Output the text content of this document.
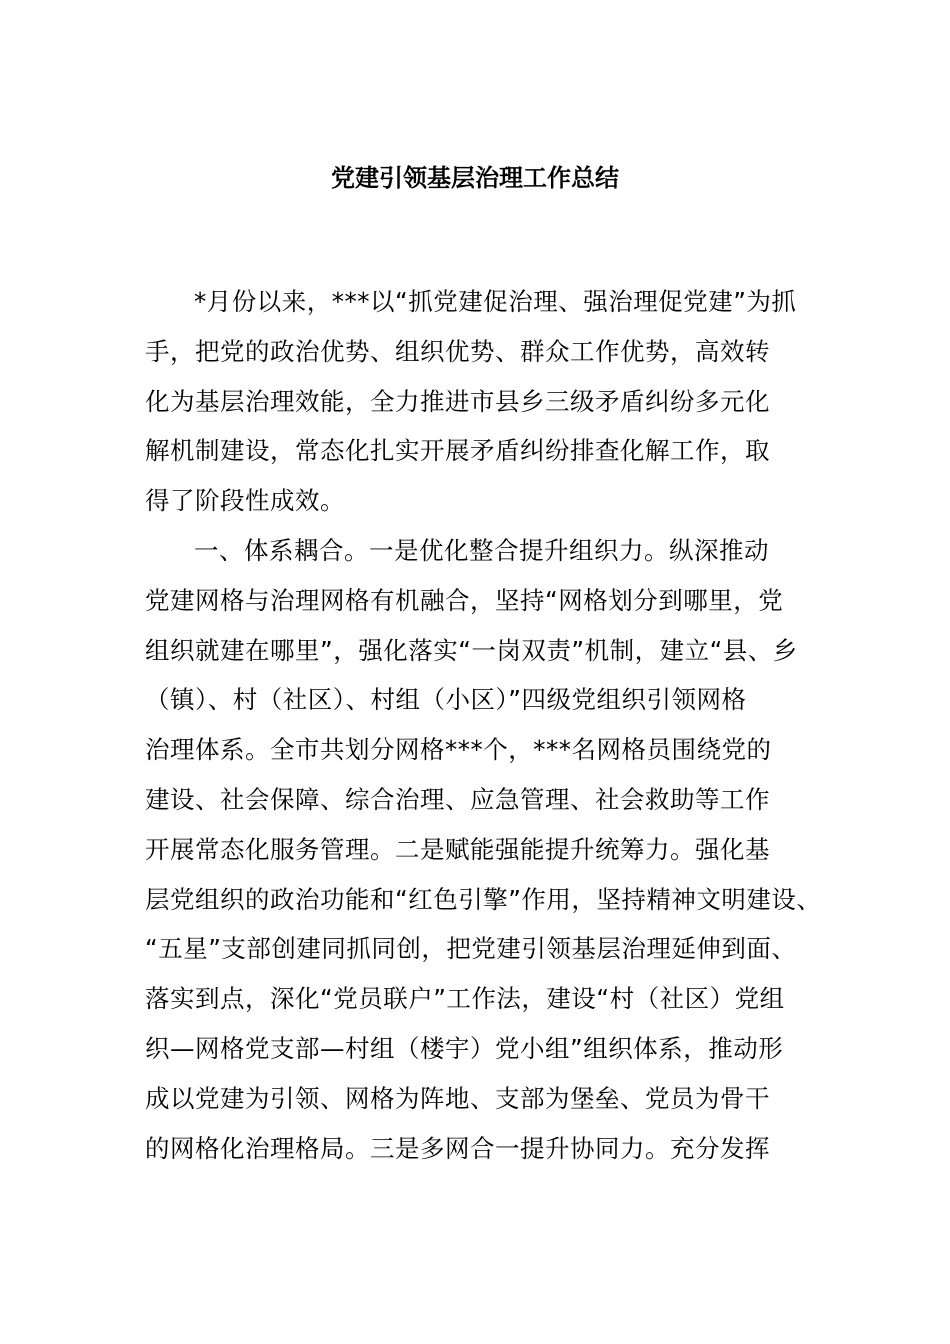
党建引领基层治理工作总结
*月份以来，***以“抓党建促治理、强治理促党建”为抓
手，把党的政治优势、组织优势、群众工作优势，高效转
化为基层治理效能，全力推进市县乡三级矛盾纠纷多元化
解机制建设，常态化扎实开展矛盾纠纷排查化解工作，取
得了阶段性成效。
一、体系耦合。一是优化整合提升组织力。纵深推动
党建网格与治理网格有机融合，坚持“网格划分到哪里，党
组织就建在哪里”，强化落实“一岗双责”机制，建立“县、乡
（镇）、村（社区）、村组（小区）”四级党组织引领网格
治理体系。全市共划分网格***个，***名网格员围绕党的
建设、社会保障、综合治理、应急管理、社会救助等工作
开展常态化服务管理。二是赋能强能提升统筹力。强化基
层党组织的政治功能和“红色引擎”作用，坚持精神文明建设、
“五星”支部创建同抓同创，把党建引领基层治理延伸到面、
落实到点，深化“党员联户”工作法，建设“村（社区）党组
织—网格党支部—村组（楼宇）党小组”组织体系，推动形
成以党建为引领、网格为阵地、支部为堡垒、党员为骨干
的网格化治理格局。三是多网合一提升协同力。充分发挥
